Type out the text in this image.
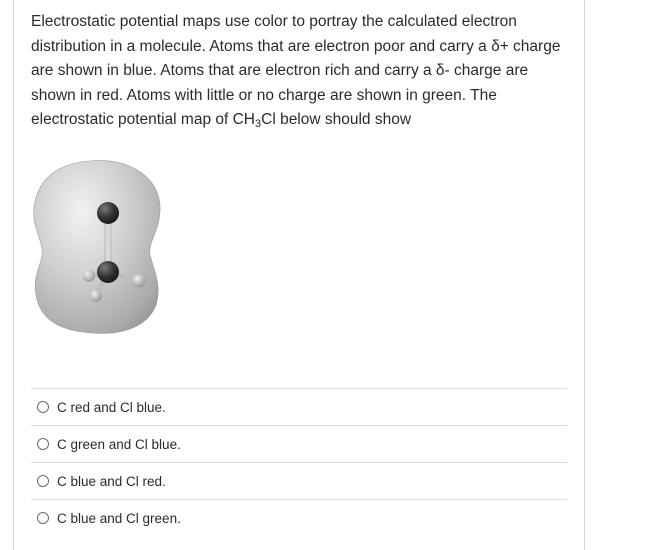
Electrostatic potential maps use color to portray the calculated electron distribution in a molecule. Atoms that are electron poor and carry a δ+ charge are shown in blue. Atoms that are electron rich and carry a δ- charge are shown in red. Atoms with little or no charge are shown in green. The electrostatic potential map of $CH_3Cl$ below should show
C red and Cl blue.
C green and Cl blue.
C blue and Cl red.
C blue and Cl green.
